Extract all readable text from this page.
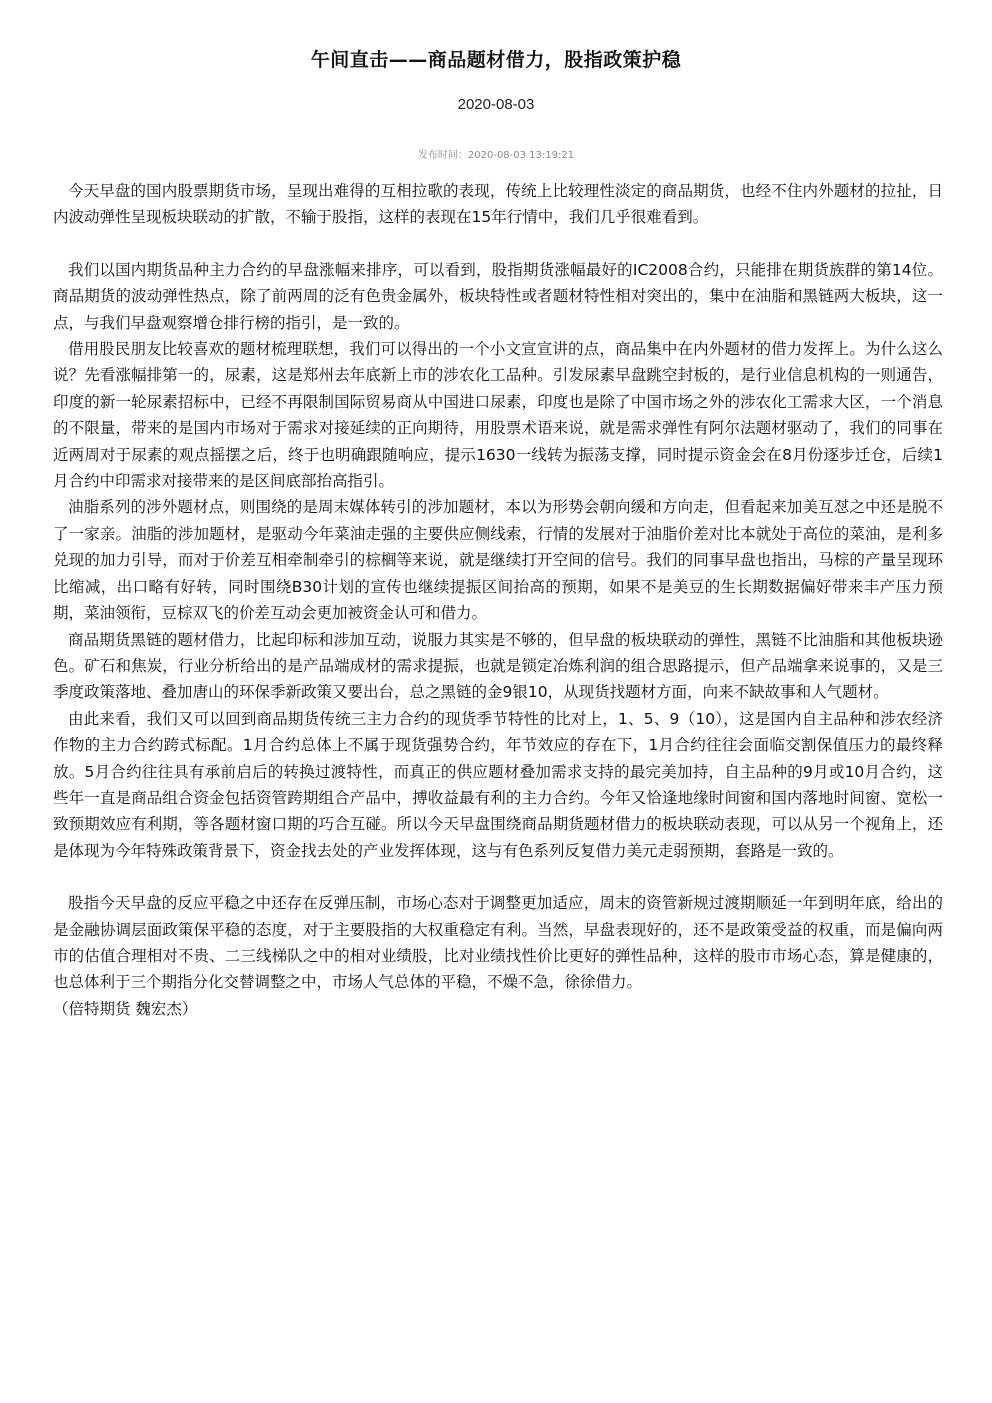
午间直击——商品题材借力，股指政策护稳
2020-08-03
发布时间：2020-08-03 13:19:21

今天早盘的国内股票期货市场，呈现出难得的互相拉歌的表现，传统上比较理性淡定的商品期货，也经不住内外题材的拉扯，日内波动弹性呈现板块联动的扩散，不输于股指，这样的表现在15年行情中，我们几乎很难看到。

我们以国内期货品种主力合约的早盘涨幅来排序，可以看到，股指期货涨幅最好的IC2008合约，只能排在期货族群的第14位。商品期货的波动弹性热点，除了前两周的泛有色贵金属外，板块特性或者题材特性相对突出的，集中在油脂和黑链两大板块，这一点，与我们早盘观察增仓排行榜的指引，是一致的。

借用股民朋友比较喜欢的题材梳理联想，我们可以得出的一个小文宣宣讲的点，商品集中在内外题材的借力发挥上。为什么这么说？先看涨幅排第一的，尿素，这是郑州去年底新上市的涉农化工品种。引发尿素早盘跳空封板的，是行业信息机构的一则通告，印度的新一轮尿素招标中，已经不再限制国际贸易商从中国进口尿素，印度也是除了中国市场之外的涉农化工需求大区，一个消息的不限量，带来的是国内市场对于需求对接延续的正向期待，用股票术语来说，就是需求弹性有阿尔法题材驱动了，我们的同事在近两周对于尿素的观点摇摆之后，终于也明确跟随响应，提示1630一线转为振荡支撑，同时提示资金会在8月份逐步迁仓，后续1月合约中印需求对接带来的是区间底部抬高指引。

油脂系列的涉外题材点，则围绕的是周末媒体转引的涉加题材，本以为形势会朝向缓和方向走，但看起来加美互怼之中还是脱不了一家亲。油脂的涉加题材，是驱动今年菜油走强的主要供应侧线索，行情的发展对于油脂价差对比本就处于高位的菜油，是利多兑现的加力引导，而对于价差互相牵制牵引的棕榈等来说，就是继续打开空间的信号。我们的同事早盘也指出，马棕的产量呈现环比缩减，出口略有好转，同时围绕B30计划的宣传也继续提振区间抬高的预期，如果不是美豆的生长期数据偏好带来丰产压力预期，菜油领衔，豆棕双飞的价差互动会更加被资金认可和借力。

商品期货黑链的题材借力，比起印标和涉加互动，说服力其实是不够的，但早盘的板块联动的弹性，黑链不比油脂和其他板块逊色。矿石和焦炭，行业分析给出的是产品端成材的需求提振，也就是锁定冶炼利润的组合思路提示，但产品端拿来说事的，又是三季度政策落地、叠加唐山的环保季新政策又要出台，总之黑链的金9银10，从现货找题材方面，向来不缺故事和人气题材。

由此来看，我们又可以回到商品期货传统三主力合约的现货季节特性的比对上，1、5、9（10），这是国内自主品种和涉农经济作物的主力合约跨式标配。1月合约总体上不属于现货强势合约，年节效应的存在下，1月合约往往会面临交割保值压力的最终释放。5月合约往往具有承前启后的转换过渡特性，而真正的供应题材叠加需求支持的最完美加持，自主品种的9月或10月合约，这些年一直是商品组合资金包括资管跨期组合产品中，搏收益最有利的主力合约。今年又恰逢地缘时间窗和国内落地时间窗、宽松一致预期效应有利期，等各题材窗口期的巧合互碰。所以今天早盘围绕商品期货题材借力的板块联动表现，可以从另一个视角上，还是体现为今年特殊政策背景下，资金找去处的产业发挥体现，这与有色系列反复借力美元走弱预期，套路是一致的。

股指今天早盘的反应平稳之中还存在反弹压制，市场心态对于调整更加适应，周末的资管新规过渡期顺延一年到明年底，给出的是金融协调层面政策保平稳的态度，对于主要股指的大权重稳定有利。当然，早盘表现好的，还不是政策受益的权重，而是偏向两市的估值合理相对不贵、二三线梯队之中的相对业绩股，比对业绩找性价比更好的弹性品种，这样的股市市场心态，算是健康的，也总体利于三个期指分化交替调整之中，市场人气总体的平稳，不燥不急，徐徐借力。

（倍特期货 魏宏杰）
